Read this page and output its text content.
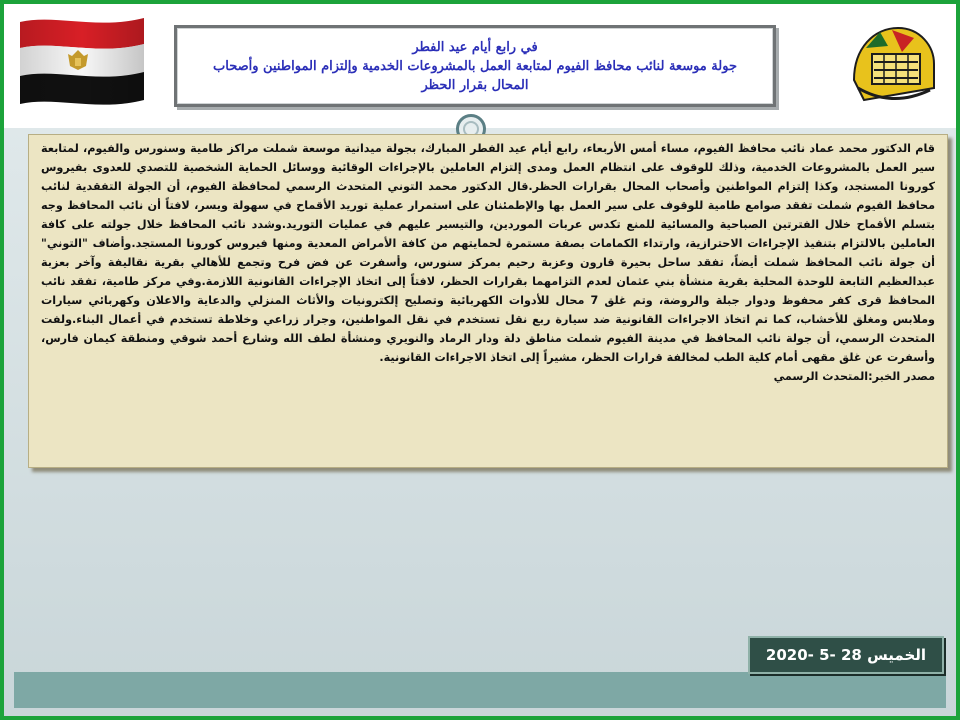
في رابع أيام عيد الفطر
جولة موسعة لنائب محافظ الفيوم لمتابعة العمل بالمشروعات الخدمية وإلتزام المواطنين وأصحاب
المحال بقرار الحظر

قام الدكتور محمد عماد نائب محافظ الفيوم، مساء أمس الأربعاء، رابع أيام عيد الفطر المبارك، بجولة ميدانية موسعة شملت مراكز طامية وسنورس والفيوم، لمتابعة سير العمل بالمشروعات الخدمية، وذلك للوقوف على انتظام العمل ومدى إلتزام العاملين بالإجراءات الوقائية ووسائل الحماية الشخصية للتصدي للعدوى بفيروس كورونا المستجد، وكذا إلتزام المواطنين وأصحاب المحال بقرارات الحظر.قال الدكتور محمد التوني المتحدث الرسمي لمحافظة الفيوم، أن الجولة التفقدية لنائب محافظ الفيوم شملت تفقد صوامع طامية للوقوف على سير العمل بها والإطمئنان على استمرار عملية توريد الأقماح في سهولة ويسر، لافتاً أن نائب المحافظ وجه بتسلم الأقماح خلال الفترتين الصباحية والمسائية للمنع تكدس عربات الموردين، والتيسير عليهم في عمليات التوريد.وشدد نائب المحافظ خلال جولته على كافة العاملين بالالتزام بتنفيذ الإجراءات الاحترازية، وارتداء الكمامات بصفة مستمرة لحمايتهم من كافة الأمراض المعدية ومنها فيروس كورونا المستجد.وأضاف "التوني" أن جولة نائب المحافظ شملت أيضاً، تفقد ساحل بحيرة قارون وعزبة رحيم بمركز سنورس، وأسفرت عن فض فرح وتجمع للأهالي بقرية نقاليفة وآخر بعزبة عبدالعظيم التابعة للوحدة المحلية بقرية منشأة بني عثمان لعدم التزامهما بقرارات الحظر، لافتاً إلى اتخاذ الإجراءات القانونية اللازمة.وفي مركز طامية، تفقد نائب المحافظ قرى كفر محفوظ ودوار جبلة والروضة، وتم غلق 7 محال للأدوات الكهربائية وتصليح إلكترونيات والأثاث المنزلي والدعاية والاعلان وكهربائي سيارات وملابس ومغلق للأخشاب، كما تم اتخاذ الاجراءات القانونية ضد سيارة ربع نقل تستخدم في نقل المواطنين، وجرار زراعي وخلاطة تستخدم في أعمال البناء.ولفت المتحدث الرسمي، أن جولة نائب المحافظ في مدينة الفيوم شملت مناطق دلة ودار الرماد والنويري ومنشأة لطف الله وشارع أحمد شوقي ومنطقة كيمان فارس، وأسفرت عن غلق مقهى أمام كلية الطب لمخالفة قرارات الحظر، مشيراً إلى اتخاذ الاجراءات القانونية.

مصدر الخبر:المتحدث الرسمي

الخميس 28 -5 -2020
